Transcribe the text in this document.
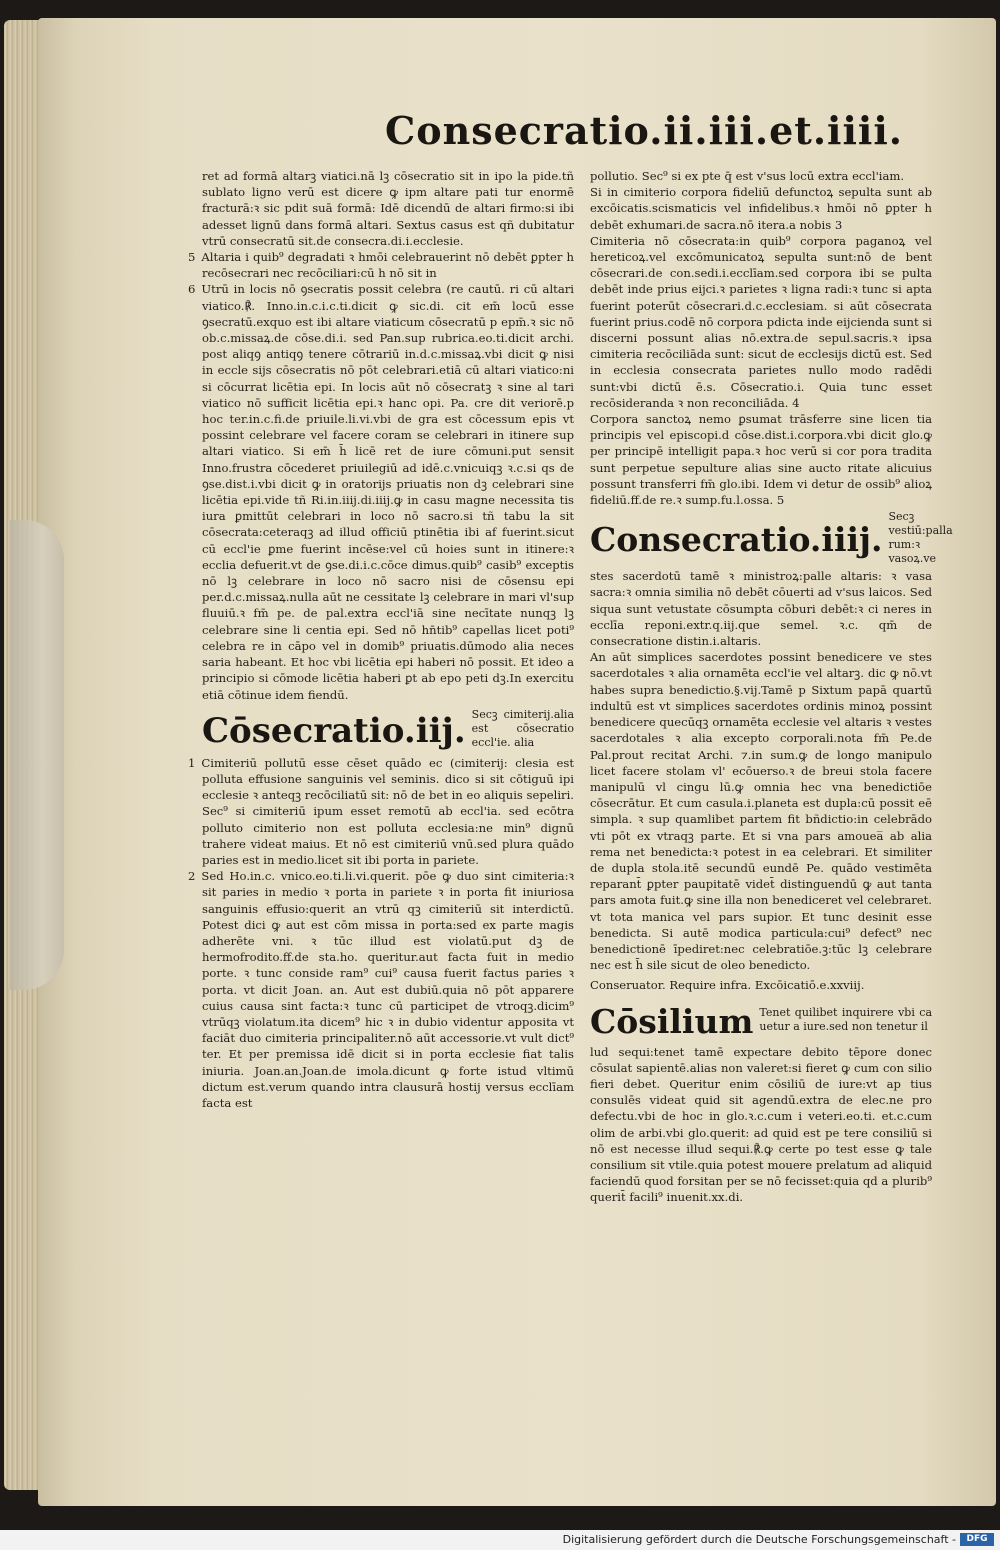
Consecratio.ii.iii.et.iiii.

ret ad formā altarꝫ viatici.nā lꝫ cōsecratio sit in ipo la pide.tñ sublato ligno verū est dicere ꝙ ipm altare pati tur enormē fracturā:ꝛ sic pdit suā formā: Idē dicendū de altari firmo:si ibi adesset lignū dans formā altari. Sextus casus est qñ dubitatur vtrū consecratū sit.de consecra.di.i.ecclesie.

5 Altaria i quib⁹ degradati ꝛ hmōi celebrauerint nō debēt ꝑpter h recōsecrari nec recōciliari:cū h nō sit in

6 Utrū in locis nō ꝯsecratis possit celebra (re cautū. ri cū altari viatico.℟. Inno.in.c.i.c.ti.dicit ꝙ sic.di. cit em̄ locū esse ꝯsecratū.exquo est ibi altare viaticum cōsecratū p epm̄.ꝛ sic nō ob.c.missaꝝ.de cōse.di.i. sed Pan.sup rubrica.eo.ti.dicit archi. post aliqꝯ antiqꝯ tenere cōtrariū in.d.c.missaꝝ.vbi dicit ꝙ nisi in eccle sijs cōsecratis nō pōt celebrari.etiā cū altari viatico:ni si cōcurrat licētia epi. In locis aūt nō cōsecratꝫ ꝛ sine al tari viatico nō sufficit licētia epi.ꝛ hanc opi. Pa. cre dit veriorē.p hoc ter.in.c.fi.de priuile.li.vi.vbi de gra est cōcessum epis vt possint celebrare vel facere coram se celebrari in itinere sup altari viatico. Si em̄ h̄ licē ret de iure cōmuni.put sensit Inno.frustra cōcederet priuilegiū ad idē.c.vnicuiqꝫ ꝛ.c.si qs de ꝯse.dist.i.vbi dicit ꝙ in oratorijs priuatis non dꝫ celebrari sine licētia epi.vide tñ Ri.in.iiij.di.iiij.ꝙ in casu magne necessita tis iura ꝑmittūt celebrari in loco nō sacro.si tñ tabu la sit cōsecrata:ceteraqꝫ ad illud officiū ptinētia ibi af fuerint.sicut cū eccl'ie ꝑme fuerint incēse:vel cū hoies sunt in itinere:ꝛ ecclia defuerit.vt de ꝯse.di.i.c.cōce dimus.quib⁹ casib⁹ exceptis nō lꝫ celebrare in loco nō sacro nisi de cōsensu epi per.d.c.missaꝝ.nulla aūt ne cessitate lꝫ celebrare in mari vl'sup fluuiū.ꝛ fm̄ pe. de pal.extra eccl'iā sine necītate nunqꝫ lꝫ celebrare sine li centia epi. Sed nō hn̄tib⁹ capellas licet poti⁹ celebra re in cāpo vel in domib⁹ priuatis.dūmodo alia neces saria habeant. Et hoc vbi licētia epi haberi nō possit. Et ideo a principio si cōmode licētia haberi ꝑt ab epo peti dꝫ.In exercitu etiā cōtinue idem fiendū.

Cōsecratio.iij. Secꝫ cimiterij.alia est cōsecratio eccl'ie. alia

1 Cimiteriū pollutū esse cēset quādo ec (cimiterij: clesia est polluta effusione sanguinis vel seminis. dico si sit cōtiguū ipi ecclesie ꝛ anteqꝫ recōciliatū sit: nō de bet in eo aliquis sepeliri. Sec⁹ si cimiteriū ipum esset remotū ab eccl'ia. sed ecōtra polluto cimiterio non est polluta ecclesia:ne min⁹ dignū trahere videat maius. Et nō est cimiteriū vnū.sed plura quādo paries est in medio.licet sit ibi porta in pariete.

2 Sed Ho.in.c. vnico.eo.ti.li.vi.querit. pōe ꝙ duo sint cimiteria:ꝛ sit paries in medio ꝛ porta in pariete ꝛ in porta fit iniuriosa sanguinis effusio:querit an vtrū qꝫ cimiteriū sit interdictū. Potest dici ꝙ aut est cōm missa in porta:sed ex parte magis adherēte vni. ꝛ tūc illud est violatū.put dꝫ de hermofrodito.ff.de sta.ho. queritur.aut facta fuit in medio porte. ꝛ tunc conside ram⁹ cui⁹ causa fuerit factus paries ꝛ porta. vt dicit Joan. an. Aut est dubiū.quia nō pōt apparere cuius causa sint facta:ꝛ tunc cū participet de vtroqꝫ.dicim⁹ vtrūqꝫ violatum.ita dicem⁹ hic ꝛ in dubio videntur apposita vt faciāt duo cimiteria principaliter.nō aūt accessorie.vt vult dict⁹ ter. Et per premissa idē dicit si in porta ecclesie fiat talis iniuria. Joan.an.Joan.de imola.dicunt ꝙ forte istud vltimū dictum est.verum quando intra clausurā hostij versus ecclīam facta est

pollutio. Sec⁹ si ex pte q̄ est v'sus locū extra eccl'iam.

Si in cimiterio corpora fideliū defunctoꝝ sepulta sunt ab excōicatis.scismaticis vel infidelibus.ꝛ hmōi nō ꝑpter h debēt exhumari.de sacra.nō itera.a nobis 3

Cimiteria nō cōsecrata:in quib⁹ corpora paganoꝝ vel hereticoꝝ.vel excōmunicatoꝝ sepulta sunt:nō de bent cōsecrari.de con.sedi.i.ecclīam.sed corpora ibi se pulta debēt inde prius eijci.ꝛ parietes ꝛ ligna radi:ꝛ tunc si apta fuerint poterūt cōsecrari.d.c.ecclesiam. si aūt cōsecrata fuerint prius.codē nō corpora pdicta inde eijcienda sunt si discerni possunt alias nō.extra.de sepul.sacris.ꝛ ipsa cimiteria recōciliāda sunt: sicut de ecclesijs dictū est. Sed in ecclesia consecrata parietes nullo modo radēdi sunt:vbi dictū ē.s. Cōsecratio.i. Quia tunc esset recōsideranda ꝛ non reconciliāda. 4

Corpora sanctoꝝ nemo ꝑsumat trāsferre sine licen tia principis vel episcopi.d cōse.dist.i.corpora.vbi dicit glo.ꝙ per principē intelligit papa.ꝛ hoc verū si cor pora tradita sunt perpetue sepulture alias sine aucto ritate alicuius possunt transferri fm̄ glo.ibi. Idem vi detur de ossib⁹ alioꝝ fideliū.ff.de re.ꝛ sump.fu.l.ossa. 5

Consecratio.iiij.
Secꝫ vestiū:palla rum:ꝛ vasoꝝ.ve

stes sacerdotū tamē ꝛ ministroꝝ:palle altaris: ꝛ vasa sacra:ꝛ omnia similia nō debēt cōuerti ad v'sus laicos. Sed siqua sunt vetustate cōsumpta cōburi debēt:ꝛ ci neres in ecclīa reponi.extr.q.iij.que semel. ꝛ.c. qm̄ de consecratione distin.i.altaris.

An aūt simplices sacerdotes possint benedicere ve stes sacerdotales ꝛ alia ornamēta eccl'ie vel altarꝫ. dic ꝙ nō.vt habes supra benedictio.§.vij.Tamē p Sixtum papā quartū indultū est vt simplices sacerdotes ordinis minoꝝ possint benedicere quecūqꝫ ornamēta ecclesie vel altaris ꝛ vestes sacerdotales ꝛ alia excepto corporali.nota fm̄ Pe.de Pal.prout recitat Archi. ⁊.in sum.ꝙ de longo manipulo licet facere stolam vl' ecōuerso.ꝛ de breui stola facere manipulū vl cingu lū.ꝙ omnia hec vna benedictiōe cōsecrātur. Et cum casula.i.planeta est dupla:cū possit eē simpla. ꝛ sup quamlibet partem fit bñdictio:in celebrādo vti pōt ex vtraqꝫ parte. Et si vna pars amouea̅ ab alia rema net benedicta:ꝛ potest in ea celebrari. Et similiter de dupla stola.itē secundū eundē Pe. quādo vestimēta reparant̄ ꝑpter paupitatē videt̄ distinguendū ꝙ aut tanta pars amota fuit.ꝙ sine illa non benediceret vel celebraret. vt tota manica vel pars supior. Et tunc desinit esse benedicta. Si autē modica particula:cui⁹ defect⁹ nec benedictionē īpediret:nec celebratiōe.ꝫ:tūc lꝫ celebrare nec est h̄ sile sicut de oleo benedicto.

Conseruator. Require infra. Excōicatiō.e.xxviij.

Cōsilium Tenet quilibet inquirere vbi ca uetur a iure.sed non tenetur il

lud sequi:tenet tamē expectare debito tēpore donec cōsulat sapientē.alias non valeret:si fieret ꝙ cum con silio fieri debet. Queritur enim cōsiliū de iure:vt ap tius consulēs videat quid sit agendū.extra de elec.ne pro defectu.vbi de hoc in glo.ꝛ.c.cum i veteri.eo.ti. et.c.cum olim de arbi.vbi glo.querit: ad quid est pe tere consiliū si nō est necesse illud sequi.℟.ꝙ certe po test esse ꝙ tale consilium sit vtile.quia potest mouere prelatum ad aliquid faciendū quod forsitan per se nō fecisset:quia qd a plurib⁹ querit̄ facili⁹ inuenit.xx.di.

Digitalisierung gefördert durch die Deutsche Forschungsgemeinschaft -	DFG
